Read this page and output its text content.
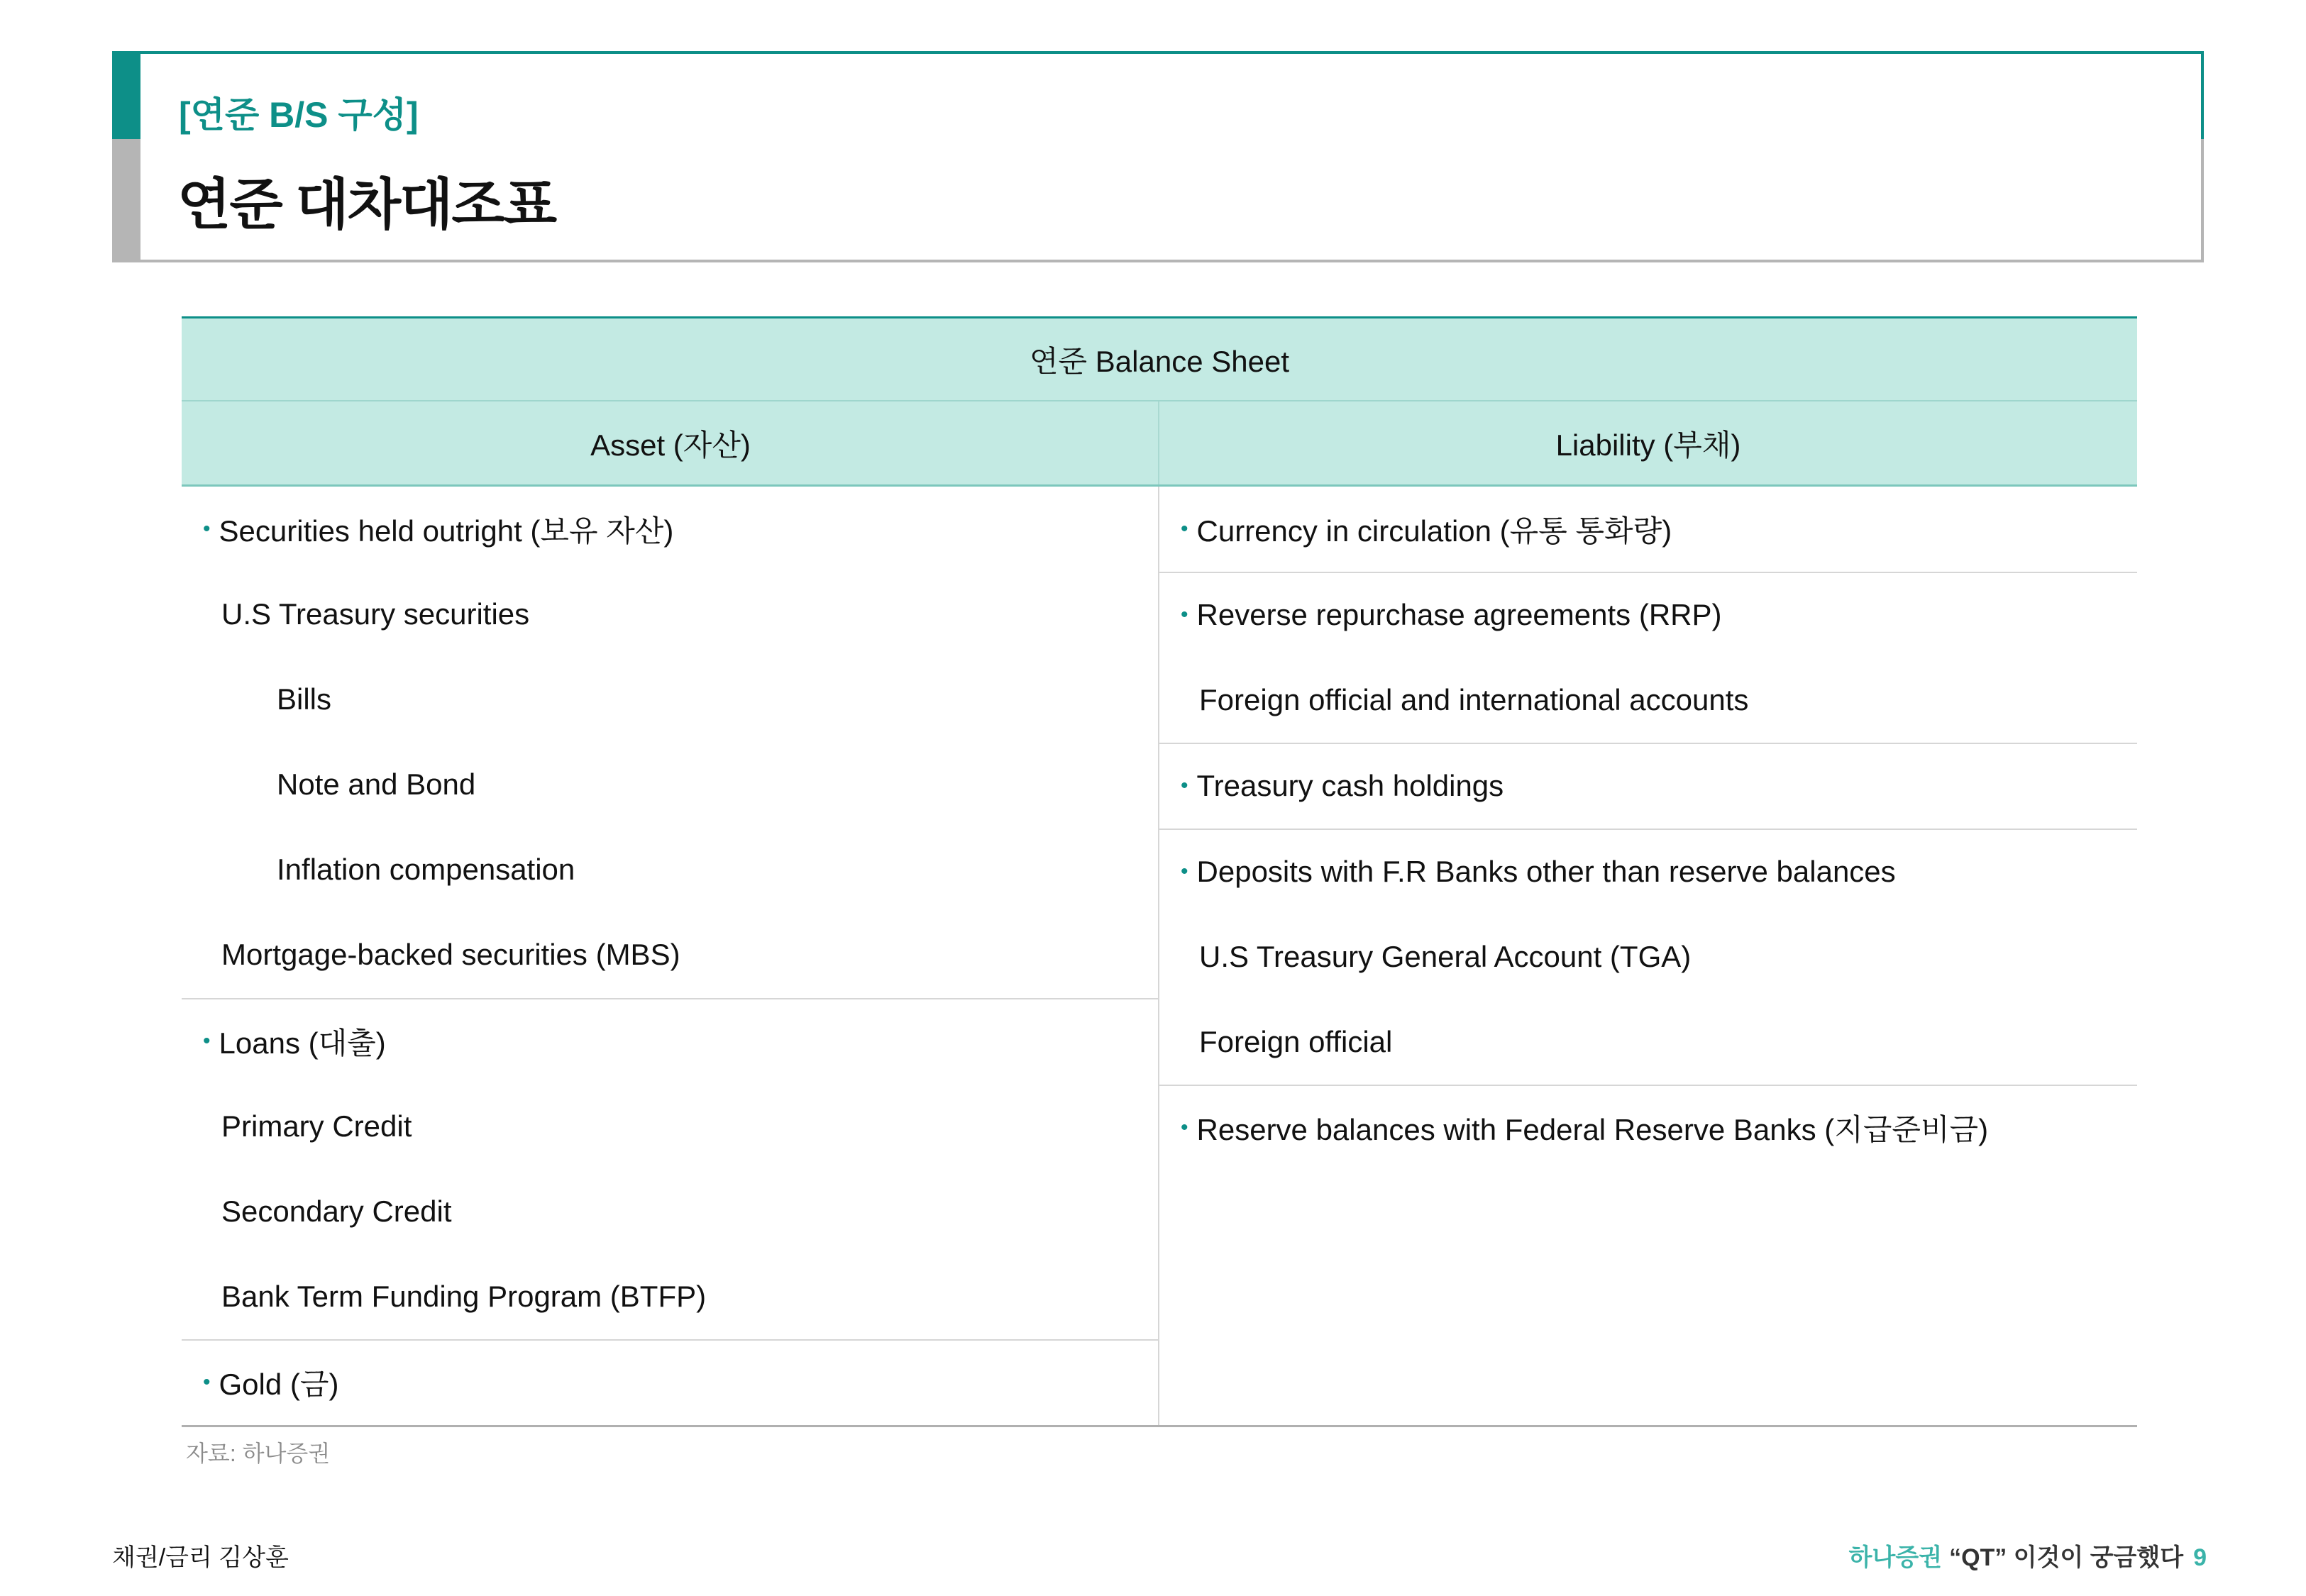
[연준 B/S 구성]
연준 대차대조표
연준 Balance Sheet
Asset (자산)	Liability (부채)
• Securities held outright (보유 자산)
U.S Treasury securities
Bills
Note and Bond
Inflation compensation
Mortgage-backed securities (MBS)
• Loans (대출)
Primary Credit
Secondary Credit
Bank Term Funding Program (BTFP)
• Gold (금)
• Currency in circulation (유통 통화량)
• Reverse repurchase agreements (RRP)
Foreign official and international accounts
• Treasury cash holdings
• Deposits with F.R Banks other than reserve balances
U.S Treasury General Account (TGA)
Foreign official
• Reserve balances with Federal Reserve Banks (지급준비금)
자료: 하나증권
채권/금리 김상훈	하나증권 “QT” 이것이 궁금했다 9
